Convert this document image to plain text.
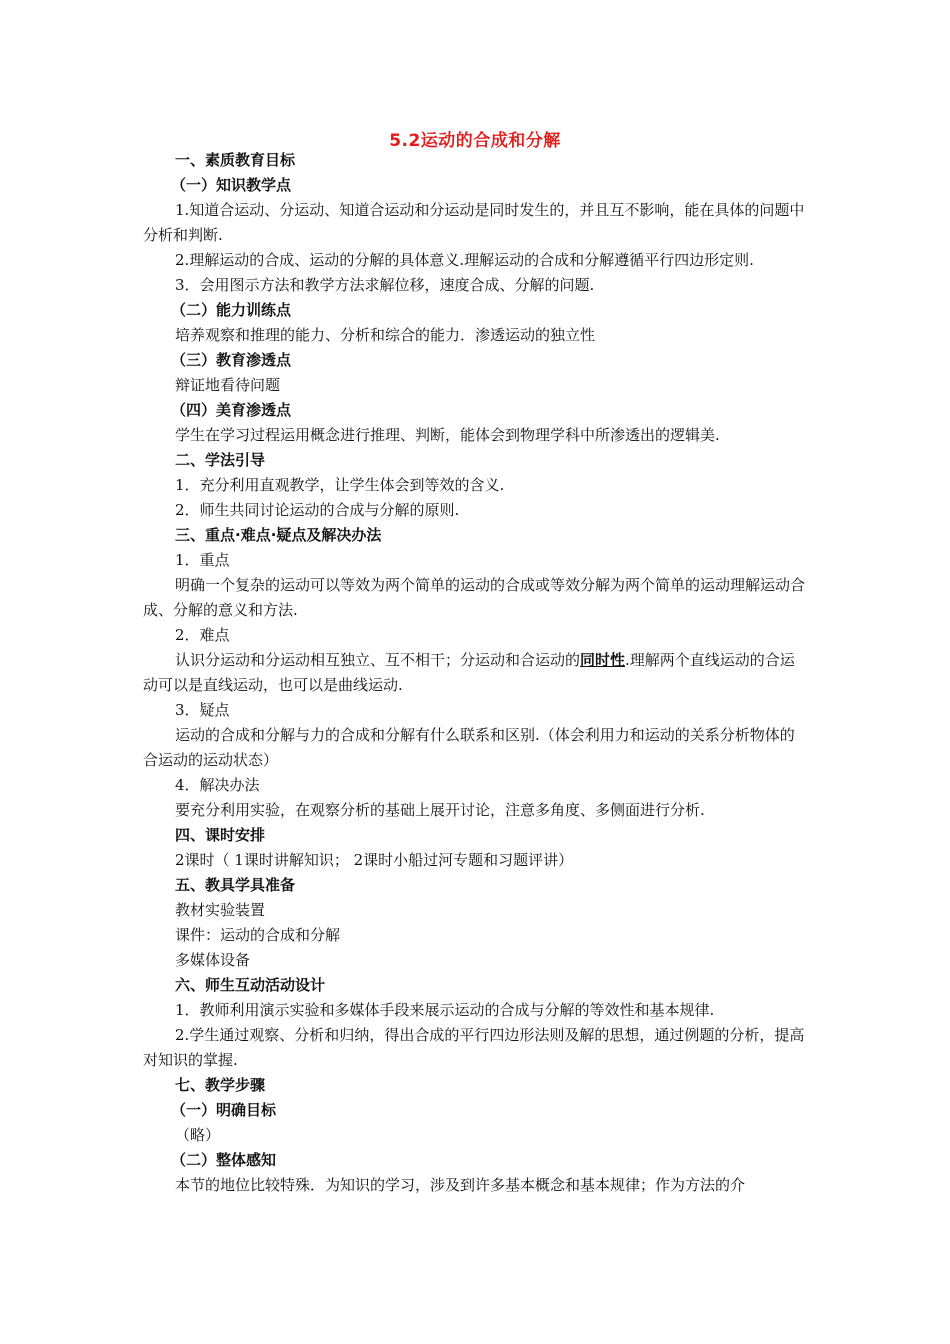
5.2运动的合成和分解

一、素质教育目标

（一）知识教学点

1.知道合运动、分运动、知道合运动和分运动是同时发生的，并且互不影响，能在具体的问题中分析和判断.

2.理解运动的合成、运动的分解的具体意义.理解运动的合成和分解遵循平行四边形定则.

3．会用图示方法和教学方法求解位移，速度合成、分解的问题.

（二）能力训练点

培养观察和推理的能力、分析和综合的能力．渗透运动的独立性

（三）教育渗透点

辩证地看待问题

（四）美育渗透点

学生在学习过程运用概念进行推理、判断，能体会到物理学科中所渗透出的逻辑美.

二、学法引导

1．充分利用直观教学，让学生体会到等效的含义.

2．师生共同讨论运动的合成与分解的原则.

三、重点·难点·疑点及解决办法

1．重点

明确一个复杂的运动可以等效为两个简单的运动的合成或等效分解为两个简单的运动理解运动合成、分解的意义和方法.

2．难点

认识分运动和分运动相互独立、互不相干；分运动和合运动的同时性.理解两个直线运动的合运动可以是直线运动，也可以是曲线运动.

3．疑点

运动的合成和分解与力的合成和分解有什么联系和区别.（体会利用力和运动的关系分析物体的合运动的运动状态）

4．解决办法

要充分利用实验，在观察分析的基础上展开讨论，注意多角度、多侧面进行分析.

四、课时安排

2课时（ 1课时讲解知识； 2课时小船过河专题和习题评讲）

五、教具学具准备

教材实验装置

课件：运动的合成和分解

多媒体设备

六、师生互动活动设计

1．教师利用演示实验和多媒体手段来展示运动的合成与分解的等效性和基本规律.

2.学生通过观察、分析和归纳，得出合成的平行四边形法则及解的思想，通过例题的分析，提高对知识的掌握.

七、教学步骤

（一）明确目标

（略）

（二）整体感知

本节的地位比较特殊．为知识的学习，涉及到许多基本概念和基本规律；作为方法的介
